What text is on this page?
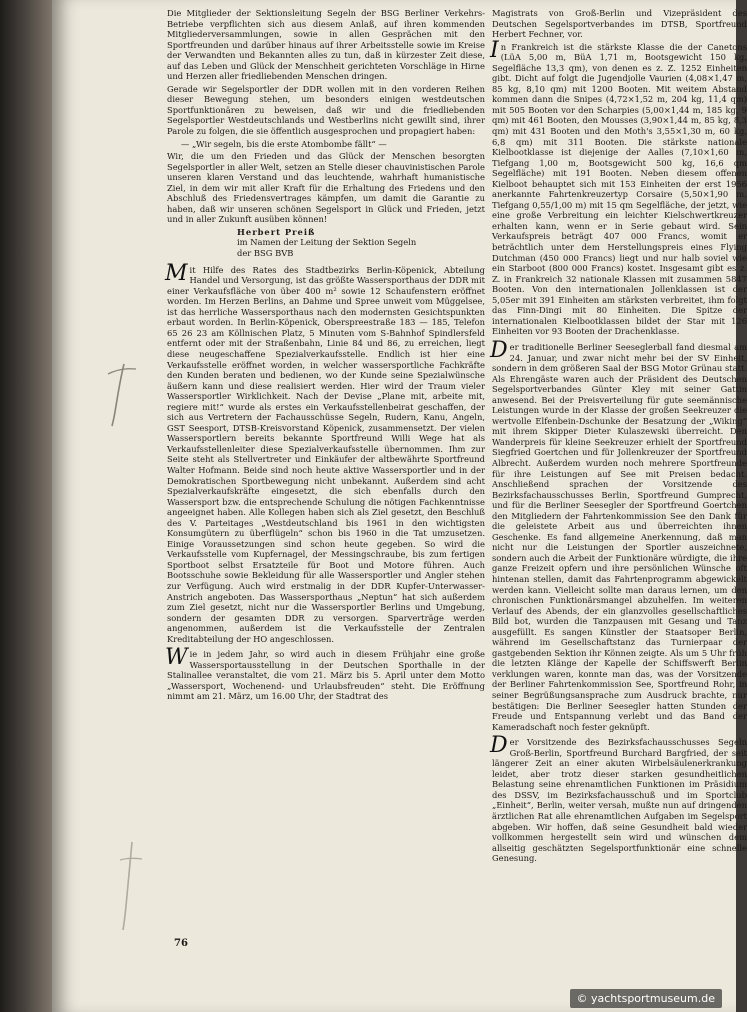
Die Mitglieder der Sektionsleitung Segeln der BSG Berliner Verkehrs-Betriebe verpflichten sich aus diesem Anlaß, auf ihren kommenden Mitgliederversammlungen, sowie in allen Gesprächen mit den Sportfreunden und darüber hinaus auf ihrer Arbeitsstelle sowie im Kreise der Verwandten und Bekannten alles zu tun, daß in kürzester Zeit diese, auf das Leben und Glück der Menschheit gerichteten Vorschläge in Hirne und Herzen aller friedliebenden Menschen dringen.

Gerade wir Segelsportler der DDR wollen mit in den vorderen Reihen dieser Bewegung stehen, um besonders einigen westdeutschen Sportfunktionären zu beweisen, daß wir und die friedliebenden Segelsportler Westdeutschlands und Westberlins nicht gewillt sind, ihrer Parole zu folgen, die sie öffentlich ausgesprochen und propagiert haben:

— „Wir segeln, bis die erste Atombombe fällt“ —

Wir, die um den Frieden und das Glück der Menschen besorgten Segelsportler in aller Welt, setzen an Stelle dieser chauvinistischen Parole unseren klaren Verstand und das leuchtende, wahrhaft humanistische Ziel, in dem wir mit aller Kraft für die Erhaltung des Friedens und den Abschluß des Friedensvertrages kämpfen, um damit die Garantie zu haben, daß wir unseren schönen Segelsport in Glück und Frieden, jetzt und in aller Zukunft ausüben können!

Herbert Preiß
im Namen der Leitung der Sektion Segeln
der BSG BVB
M it Hilfe des Rates des Stadtbezirks Berlin-Köpenick, Abteilung Handel und Versorgung, ist das größte Wassersporthaus der DDR mit einer Verkaufsfläche von über 400 m² sowie 12 Schaufenstern eröffnet worden. Im Herzen Berlins, an Dahme und Spree unweit vom Müggelsee, ist das herrliche Wassersporthaus nach den modernsten Gesichtspunkten erbaut worden. In Berlin-Köpenick, Oberspreestraße 183 — 185, Telefon 65 26 23 am Köllnischen Platz, 5 Minuten vom S-Bahnhof Spindlersfeld entfernt oder mit der Straßenbahn, Linie 84 und 86, zu erreichen, liegt diese neugeschaffene Spezialverkaufsstelle. Endlich ist hier eine Verkaufsstelle eröffnet worden, in welcher wassersportliche Fachkräfte den Kunden beraten und bedienen, wo der Kunde seine Spezialwünsche äußern kann und diese realisiert werden. Hier wird der Traum vieler Wassersportler Wirklichkeit. Nach der Devise „Plane mit, arbeite mit, regiere mit!“ wurde als erstes ein Verkaufsstellenbeirat geschaffen, der sich aus Vertretern der Fachausschüsse Segeln, Rudern, Kanu, Angeln, GST Seesport, DTSB-Kreisvorstand Köpenick, zusammensetzt. Der vielen Wassersportlern bereits bekannte Sportfreund Willi Wege hat als Verkaufsstellenleiter diese Spezialverkaufsstelle übernommen. Ihm zur Seite steht als Stellvertreter und Einkäufer der altbewährte Sportfreund Walter Hofmann. Beide sind noch heute aktive Wassersportler und in der Demokratischen Sportbewegung nicht unbekannt. Außerdem sind acht Spezialverkaufskräfte eingesetzt, die sich ebenfalls durch den Wassersport bzw. die entsprechende Schulung die nötigen Fachkenntnisse angeeignet haben. Alle Kollegen haben sich als Ziel gesetzt, den Beschluß des V. Parteitages „Westdeutschland bis 1961 in den wichtigsten Konsumgütern zu überflügeln“ schon bis 1960 in die Tat umzusetzen. Einige Voraussetzungen sind schon heute gegeben. So wird die Verkaufsstelle vom Kupfernagel, der Messingschraube, bis zum fertigen Sportboot selbst Ersatzteile für Boot und Motore führen. Auch Bootsschuhe sowie Bekleidung für alle Wassersportler und Angler stehen zur Verfügung. Auch wird erstmalig in der DDR Kupfer-Unterwasser-Anstrich angeboten. Das Wassersporthaus „Neptun“ hat sich außerdem zum Ziel gesetzt, nicht nur die Wassersportler Berlins und Umgebung, sondern der gesamten DDR zu versorgen. Sparverträge werden angenommen, außerdem ist die Verkaufsstelle der Zentralen Kreditabteilung der HO angeschlossen.
W ie in jedem Jahr, so wird auch in diesem Frühjahr eine große Wassersportausstellung in der Deutschen Sporthalle in der Stalinallee veranstaltet, die vom 21. März bis 5. April unter dem Motto „Wassersport, Wochenend- und Urlaubsfreuden“ steht. Die Eröffnung nimmt am 21. März, um 16.00 Uhr, der Stadtrat des
76

Magistrats von Groß-Berlin und Vizepräsident des Deutschen Segelsportverbandes im DTSB, Sportfreund Herbert Fechner, vor.

I n Frankreich ist die stärkste Klasse die der Canetons (LüA 5,00 m, BüA 1,71 m, Bootsgewicht 150 kg, Segelfläche 13,3 qm), von denen es z. Z. 1252 Einheiten gibt. Dicht auf folgt die Jugendjolle Vaurien (4,08×1,47 m, 85 kg, 8,10 qm) mit 1200 Booten. Mit weitem Abstand kommen dann die Snipes (4,72×1,52 m, 204 kg, 11,4 qm) mit 505 Booten vor den Scharpies (5,00×1,44 m, 185 kg, 9 qm) mit 461 Booten, den Mousses (3,90×1,44 m, 85 kg, 8,3 qm) mit 431 Booten und den Moth's 3,55×1,30 m, 60 kg, 6,8 qm) mit 311 Booten. Die stärkste nationale Kielbootklasse ist diejenige der Aalles (7,10×1,60 m, Tiefgang 1,00 m, Bootsgewicht 500 kg, 16,6 qm Segelfläche) mit 191 Booten. Neben diesem offenen Kielboot behauptet sich mit 153 Einheiten der erst 1956 anerkannte Fahrtenkreuzertyp Corsaire (5,50×1,90 m, Tiefgang 0,55/1,00 m) mit 15 qm Segelfläche, der jetzt, wie eine große Verbreitung ein leichter Kielschwertkreuzer erhalten kann, wenn er in Serie gebaut wird. Sein Verkaufspreis beträgt 407 000 Francs, womit er beträchtlich unter dem Herstellungspreis eines Flying Dutchman (450 000 Francs) liegt und nur halb soviel wie ein Starboot (800 000 Francs) kostet. Insgesamt gibt es z. Z. in Frankreich 32 nationale Klassen mit zusammen 5847 Booten. Von den internationalen Jollenklassen ist der 5,05er mit 391 Einheiten am stärksten verbreitet, ihm folgt das Finn-Dingi mit 80 Einheiten. Die Spitze der internationalen Kielbootklassen bildet der Star mit 126 Einheiten vor 93 Booten der Drachenklasse.
D er traditionelle Berliner Seeseglerball fand diesmal am 24. Januar, und zwar nicht mehr bei der SV Einheit, sondern in dem größeren Saal der BSG Motor Grünau statt. Als Ehrengäste waren auch der Präsident des Deutschen Segelsportverbandes Günter Kley mit seiner Gattin anwesend. Bei der Preisverteilung für gute seemännische Leistungen wurde in der Klasse der großen Seekreuzer die wertvolle Elfenbein-Dschunke der Besatzung der „Wiking“ mit ihrem Skipper Dieter Kulaszewski überreicht. Den Wanderpreis für kleine Seekreuzer erhielt der Sportfreund Siegfried Goertchen und für Jollenkreuzer der Sportfreund Albrecht. Außerdem wurden noch mehrere Sportfreunde für ihre Leistungen auf See mit Preisen bedacht. Anschließend sprachen der Vorsitzende des Bezirksfachausschusses Berlin, Sportfreund Gumprecht, und für die Berliner Seesegler der Sportfreund Goertchen den Mitgliedern der Fahrtenkommission See den Dank für die geleistete Arbeit aus und überreichten ihnen Geschenke. Es fand allgemeine Anerkennung, daß man nicht nur die Leistungen der Sportler auszeichnete, sondern auch die Arbeit der Funktionäre würdigte, die ihre ganze Freizeit opfern und ihre persönlichen Wünsche oft hintenan stellen, damit das Fahrtenprogramm abgewickelt werden kann. Vielleicht sollte man daraus lernen, um den chronischen Funktionärsmangel abzuhelfen. Im weiteren Verlauf des Abends, der ein glanzvolles gesellschaftliches Bild bot, wurden die Tanzpausen mit Gesang und Tanz ausgefüllt. Es sangen Künstler der Staatsoper Berlin, während im Gesellschaftstanz das Turnierpaar der gastgebenden Sektion ihr Können zeigte. Als um 5 Uhr früh die letzten Klänge der Kapelle der Schiffswerft Berlin verklungen waren, konnte man das, was der Vorsitzende der Berliner Fahrtenkommission See, Sportfreund Rohr, in seiner Begrüßungsansprache zum Ausdruck brachte, nur bestätigen: Die Berliner Seesegler hatten Stunden der Freude und Entspannung verlebt und das Band der Kameradschaft noch fester geknüpft.
D er Vorsitzende des Bezirksfachausschusses Segeln Groß-Berlin, Sportfreund Burchard Bargfried, der seit längerer Zeit an einer akuten Wirbelsäulenerkrankung leidet, aber trotz dieser starken gesundheitlichen Belastung seine ehrenamtlichen Funktionen im Präsidium des DSSV, im Bezirksfachausschuß und im Sportclub „Einheit“, Berlin, weiter versah, mußte nun auf dringenden ärztlichen Rat alle ehrenamtlichen Aufgaben im Segelsport abgeben. Wir hoffen, daß seine Gesundheit bald wieder vollkommen hergestellt sein wird und wünschen dem allseitig geschätzten Segelsportfunktionär eine schnelle Genesung.
© yachtsportmuseum.de
